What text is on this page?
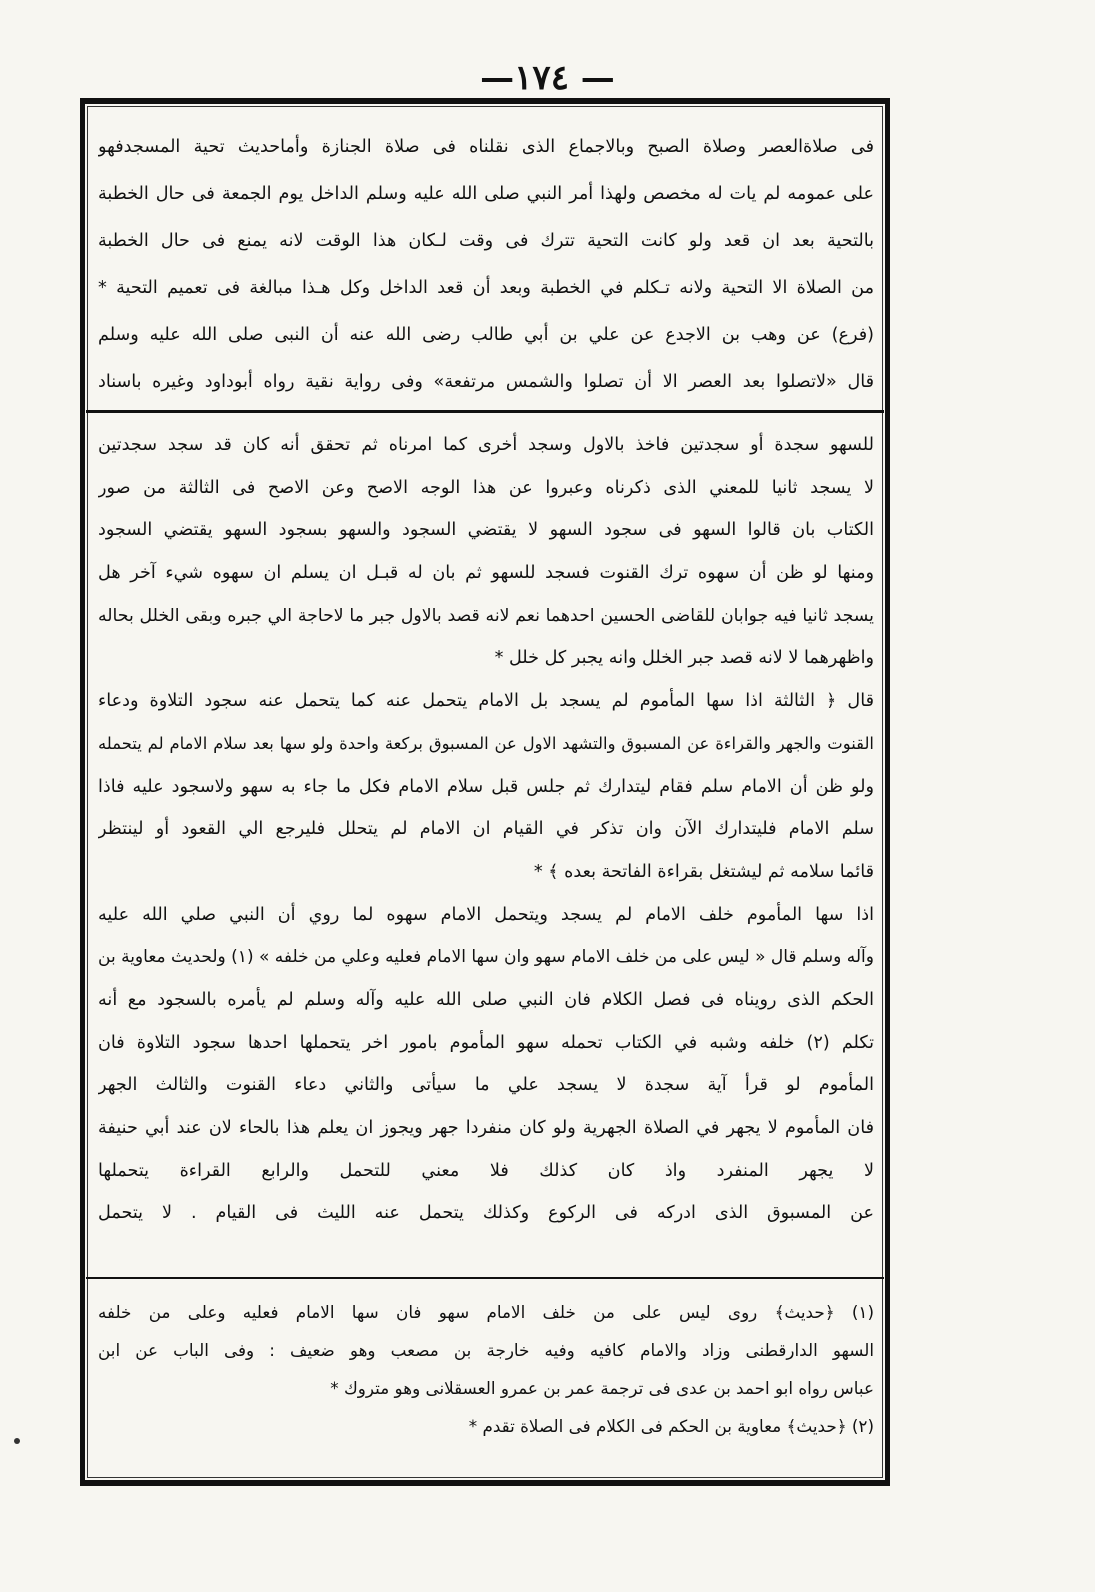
—١٧٤ —
فى صلاةالعصر وصلاة الصبح وبالاجماع الذى نقلناه فى صلاة الجنازة وأماحديث تحية المسجدفهو
على عمومه لم يات له مخصص ولهذا أمر النبي صلى الله عليه وسلم الداخل يوم الجمعة فى حال الخطبة
بالتحية بعد ان قعد ولو كانت التحية تترك فى وقت لـكان هذا الوقت لانه يمنع فى حال الخطبة
من الصلاة الا التحية ولانه تـكلم في الخطبة وبعد أن قعد الداخل وكل هـذا مبالغة فى تعميم التحية *
(فرع) عن وهب بن الاجدع عن علي بن أبي طالب رضى الله عنه أن النبى صلى الله عليه وسلم
قال «لاتصلوا بعد العصر الا أن تصلوا والشمس مرتفعة» وفى رواية نقية رواه أبوداود وغيره باسناد
للسهو سجدة أو سجدتين فاخذ بالاول وسجد أخرى كما امرناه ثم تحقق أنه كان قد سجد سجدتين
لا يسجد ثانيا للمعني الذى ذكرناه وعبروا عن هذا الوجه الاصح وعن الاصح فى الثالثة من صور
الكتاب بان قالوا السهو فى سجود السهو لا يقتضي السجود والسهو بسجود السهو يقتضي السجود
ومنها لو ظن أن سهوه ترك القنوت فسجد للسهو ثم بان له قبـل ان يسلم ان سهوه شيء آخر هل
يسجد ثانيا فيه جوابان للقاضى الحسين احدهما نعم لانه قصد بالاول جبر ما لاحاجة الي جبره وبقى الخلل بحاله
واظهرهما لا لانه قصد جبر الخلل وانه يجبر كل خلل *
قال ﴿ الثالثة اذا سها المأموم لم يسجد بل الامام يتحمل عنه كما يتحمل عنه سجود التلاوة ودعاء
القنوت والجهر والقراءة عن المسبوق والتشهد الاول عن المسبوق بركعة واحدة ولو سها بعد سلام الامام لم يتحمله
ولو ظن أن الامام سلم فقام ليتدارك ثم جلس قبل سلام الامام فكل ما جاء به سهو ولاسجود عليه فاذا
سلم الامام فليتدارك الآن وان تذكر في القيام ان الامام لم يتحلل فليرجع الي القعود أو لينتظر
قائما سلامه ثم ليشتغل بقراءة الفاتحة بعده ﴾ *
اذا سها المأموم خلف الامام لم يسجد ويتحمل الامام سهوه لما روي أن النبي صلي الله عليه
وآله وسلم قال « ليس على من خلف الامام سهو وان سها الامام فعليه وعلي من خلفه » (١) ولحديث معاوية بن
الحكم الذى رويناه فى فصل الكلام فان النبي صلى الله عليه وآله وسلم لم يأمره بالسجود مع أنه
تكلم (٢) خلفه وشبه في الكتاب تحمله سهو المأموم بامور اخر يتحملها احدها سجود التلاوة فان
المأموم لو قرأ آية سجدة لا يسجد علي ما سيأتى والثاني دعاء القنوت والثالث الجهر
فان المأموم لا يجهر في الصلاة الجهرية ولو كان منفردا جهر ويجوز ان يعلم هذا بالحاء لان عند أبي حنيفة
لا يجهر المنفرد واذ كان كذلك فلا معني للتحمل والرابع القراءة يتحملها
عن المسبوق الذى ادركه فى الركوع وكذلك يتحمل عنه الليث فى القيام . لا يتحمل
(١) ﴿حديث﴾ روى ليس على من خلف الامام سهو فان سها الامام فعليه وعلى من خلفه
السهو الدارقطنى وزاد والامام كافيه وفيه خارجة بن مصعب وهو ضعيف : وفى الباب عن ابن
عباس رواه ابو احمد بن عدى فى ترجمة عمر بن عمرو العسقلانى وهو متروك *
(٢) ﴿حديث﴾ معاوية بن الحكم فى الكلام فى الصلاة تقدم *
